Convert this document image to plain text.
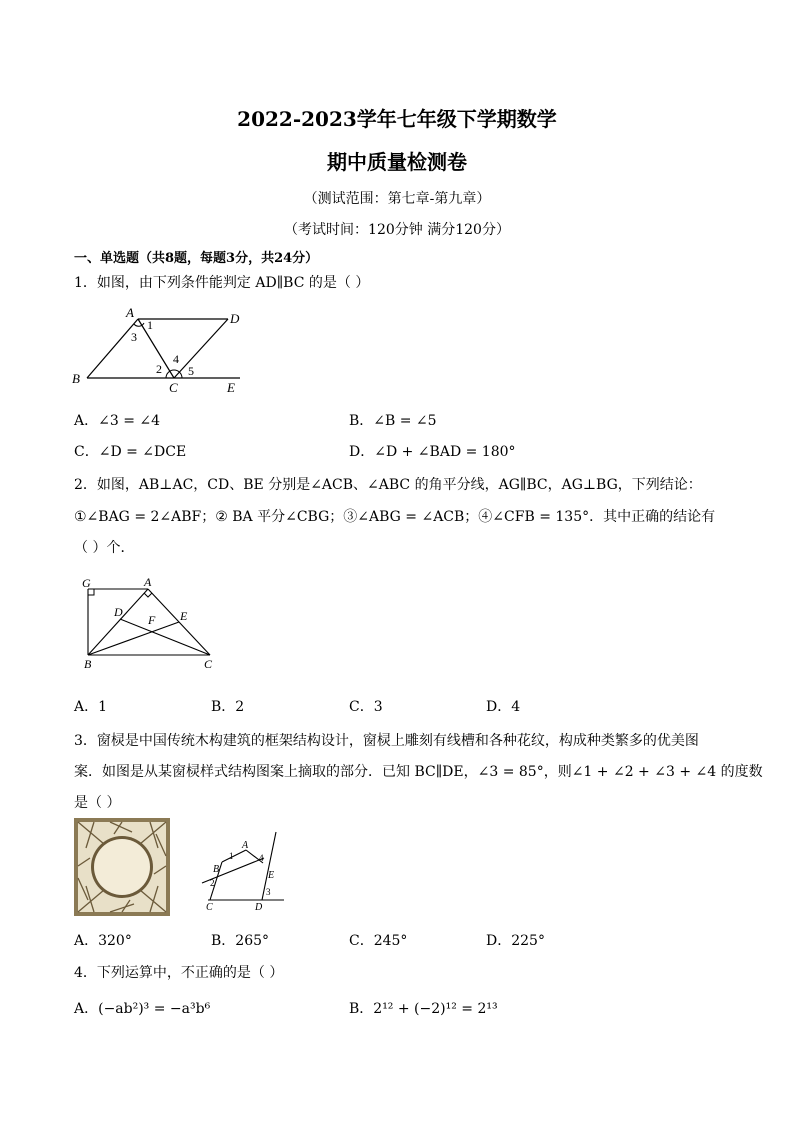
2022-2023学年七年级下学期数学
期中质量检测卷
（测试范围：第七章-第九章）
（考试时间：120分钟 满分120分）
一、单选题（共8题，每题3分，共24分）
1．如图，由下列条件能判定 AD∥BC 的是（ ）
A	D
B
C	E
1
2
3
4
5
A．∠3 = ∠4	B．∠B = ∠5
C．∠D = ∠DCE	D．∠D + ∠BAD = 180°
2．如图，AB⊥AC，CD、BE 分别是∠ACB、∠ABC 的角平分线，AG∥BC，AG⊥BG，下列结论：
①∠BAG = 2∠ABF；② BA 平分∠CBG；③∠ABG = ∠ACB；④∠CFB = 135°．其中正确的结论有
（ ）个．
G	A
D	E
F
B	C
A．1	B．2	C．3	D．4
3．窗棂是中国传统木构建筑的框架结构设计，窗棂上雕刻有线槽和各种花纹，构成种类繁多的优美图
案．如图是从某窗棂样式结构图案上摘取的部分．已知 BC∥DE，∠3 = 85°，则∠1 + ∠2 + ∠3 + ∠4 的度数
是（ ）
A
B
C	D
E
1
2
3
4
A．320°	B．265°	C．245°	D．225°
4．下列运算中，不正确的是（ ）
A．(−ab²)³ = −a³b⁶	B．2¹² + (−2)¹² = 2¹³
